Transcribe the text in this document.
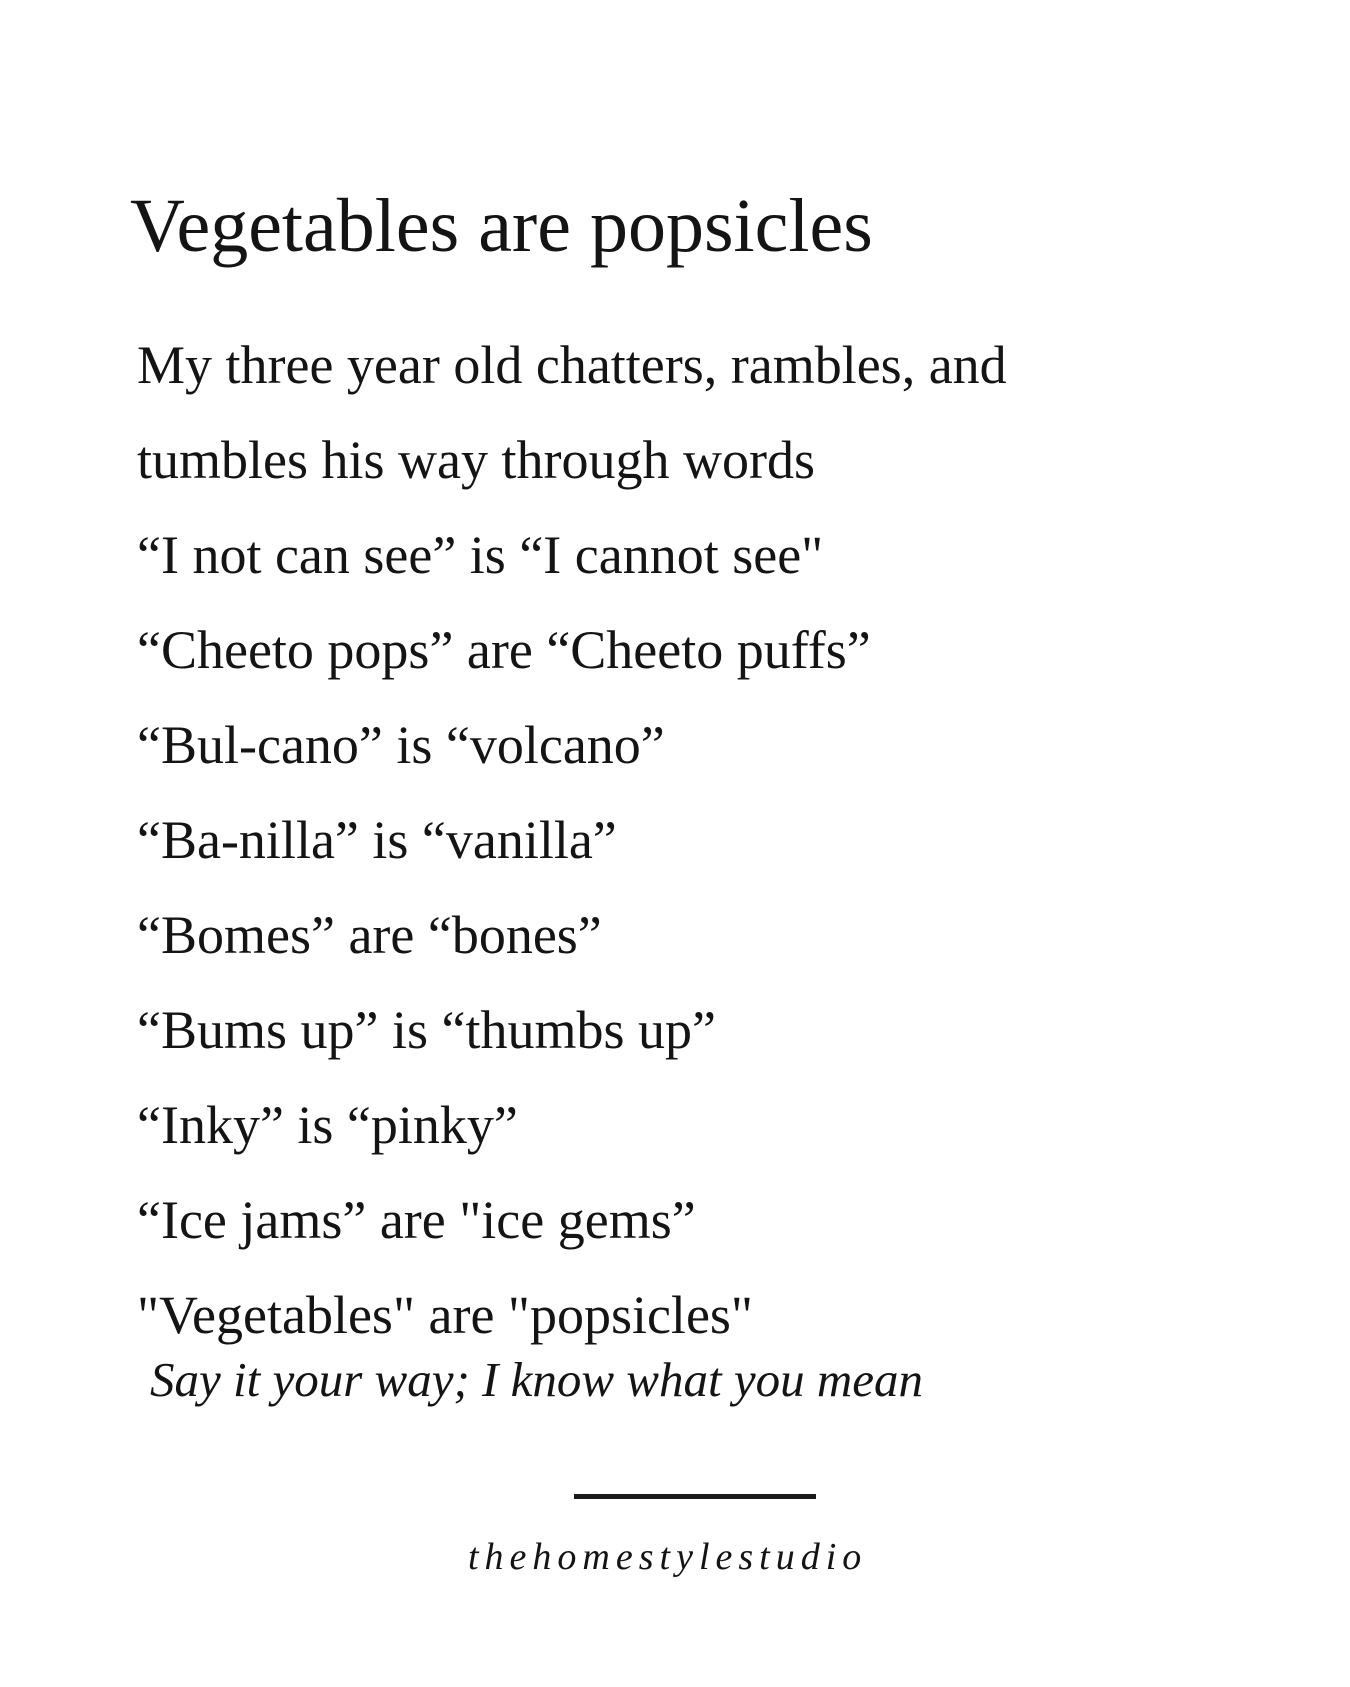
Vegetables are popsicles
My three year old chatters, rambles, and
tumbles his way through words
“I not can see” is “I cannot see"
“Cheeto pops” are “Cheeto puffs”
“Bul-cano” is “volcano”
“Ba-nilla” is “vanilla”
“Bomes” are “bones”
“Bums up” is “thumbs up”
“Inky” is “pinky”
“Ice jams” are "ice gems”
"Vegetables" are "popsicles"

Say it your way; I know what you mean

thehomestylestudio
